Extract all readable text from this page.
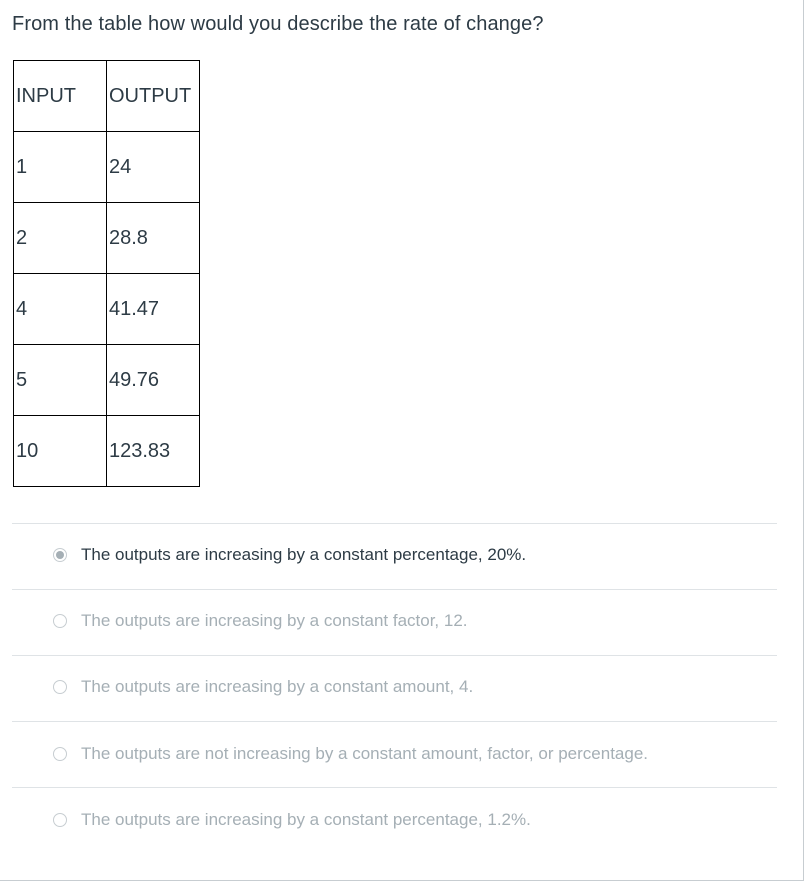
From the table how would you describe the rate of change?
INPUT	OUTPUT
1	24
2	28.8
4	41.47
5	49.76
10	123.83
The outputs are increasing by a constant percentage, 20%.
The outputs are increasing by a constant factor, 12.
The outputs are increasing by a constant amount, 4.
The outputs are not increasing by a constant amount, factor, or percentage.
The outputs are increasing by a constant percentage, 1.2%.
